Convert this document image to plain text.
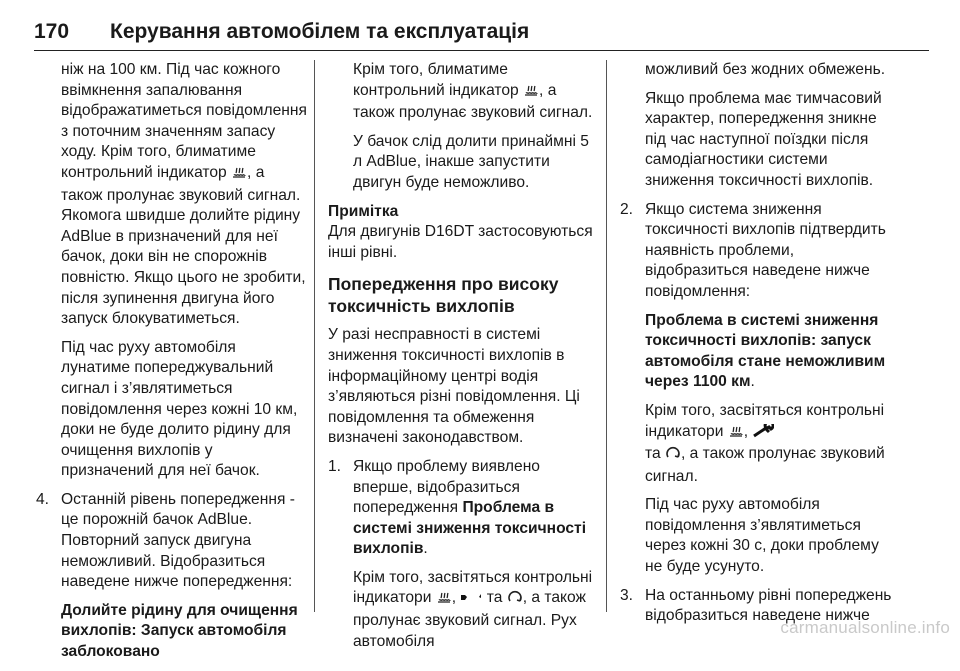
170 Керування автомобілем та експлуатація

ніж на 100 км. Під час кожного ввімкнення запалювання відображатиметься повідомлення з поточним значенням запасу ходу. Крім того, блиматиме контрольний індикатор , а також пролунає звуковий сигнал. Якомога швидше долийте рідину AdBlue в призначений для неї бачок, доки він не спорожнів повністю. Якщо цього не зробити, після зупинення двигуна його запуск блокуватиметься.

Під час руху автомобіля лунатиме попереджувальний сигнал і з’являтиметься повідомлення через кожні 10 км, доки не буде долито рідину для очищення вихлопів у призначений для неї бачок.

4. Останній рівень попередження - це порожній бачок AdBlue. Повторний запуск двигуна неможливий. Відобразиться наведене нижче попередження:

Долийте рідину для очищення вихлопів: Запуск автомобіля заблоковано

Крім того, блиматиме контрольний індикатор , а також пролунає звуковий сигнал.

У бачок слід долити принаймні 5 л AdBlue, інакше запустити двигун буде неможливо.

Примітка

Для двигунів D16DT застосовуються інші рівні.

Попередження про високу токсичність вихлопів

У разі несправності в системі зниження токсичності вихлопів в інформаційному центрі водія з’являються різні повідомлення. Ці повідомлення та обмеження визначені законодавством.

1. Якщо проблему виявлено вперше, відобразиться попередження Проблема в системі зниження токсичності вихлопів.

Крім того, засвітяться контрольні індикатори ,  та , а також пролунає звуковий сигнал. Рух автомобіля

можливий без жодних обмежень.

Якщо проблема має тимчасовий характер, попередження зникне під час наступної поїздки після самодіагностики системи зниження токсичності вихлопів.

2. Якщо система зниження токсичності вихлопів підтвердить наявність проблеми, відобразиться наведене нижче повідомлення:

Проблема в системі зниження токсичності вихлопів: запуск автомобіля стане неможливим через 1100 км.

Крім того, засвітяться контрольні індикатори ,
та , а також пролунає звуковий сигнал.

Під час руху автомобіля повідомлення з’являтиметься через кожні 30 с, доки проблему не буде усунуто.

3. На останньому рівні попереджень відобразиться наведене нижче

carmanualsonline.info
